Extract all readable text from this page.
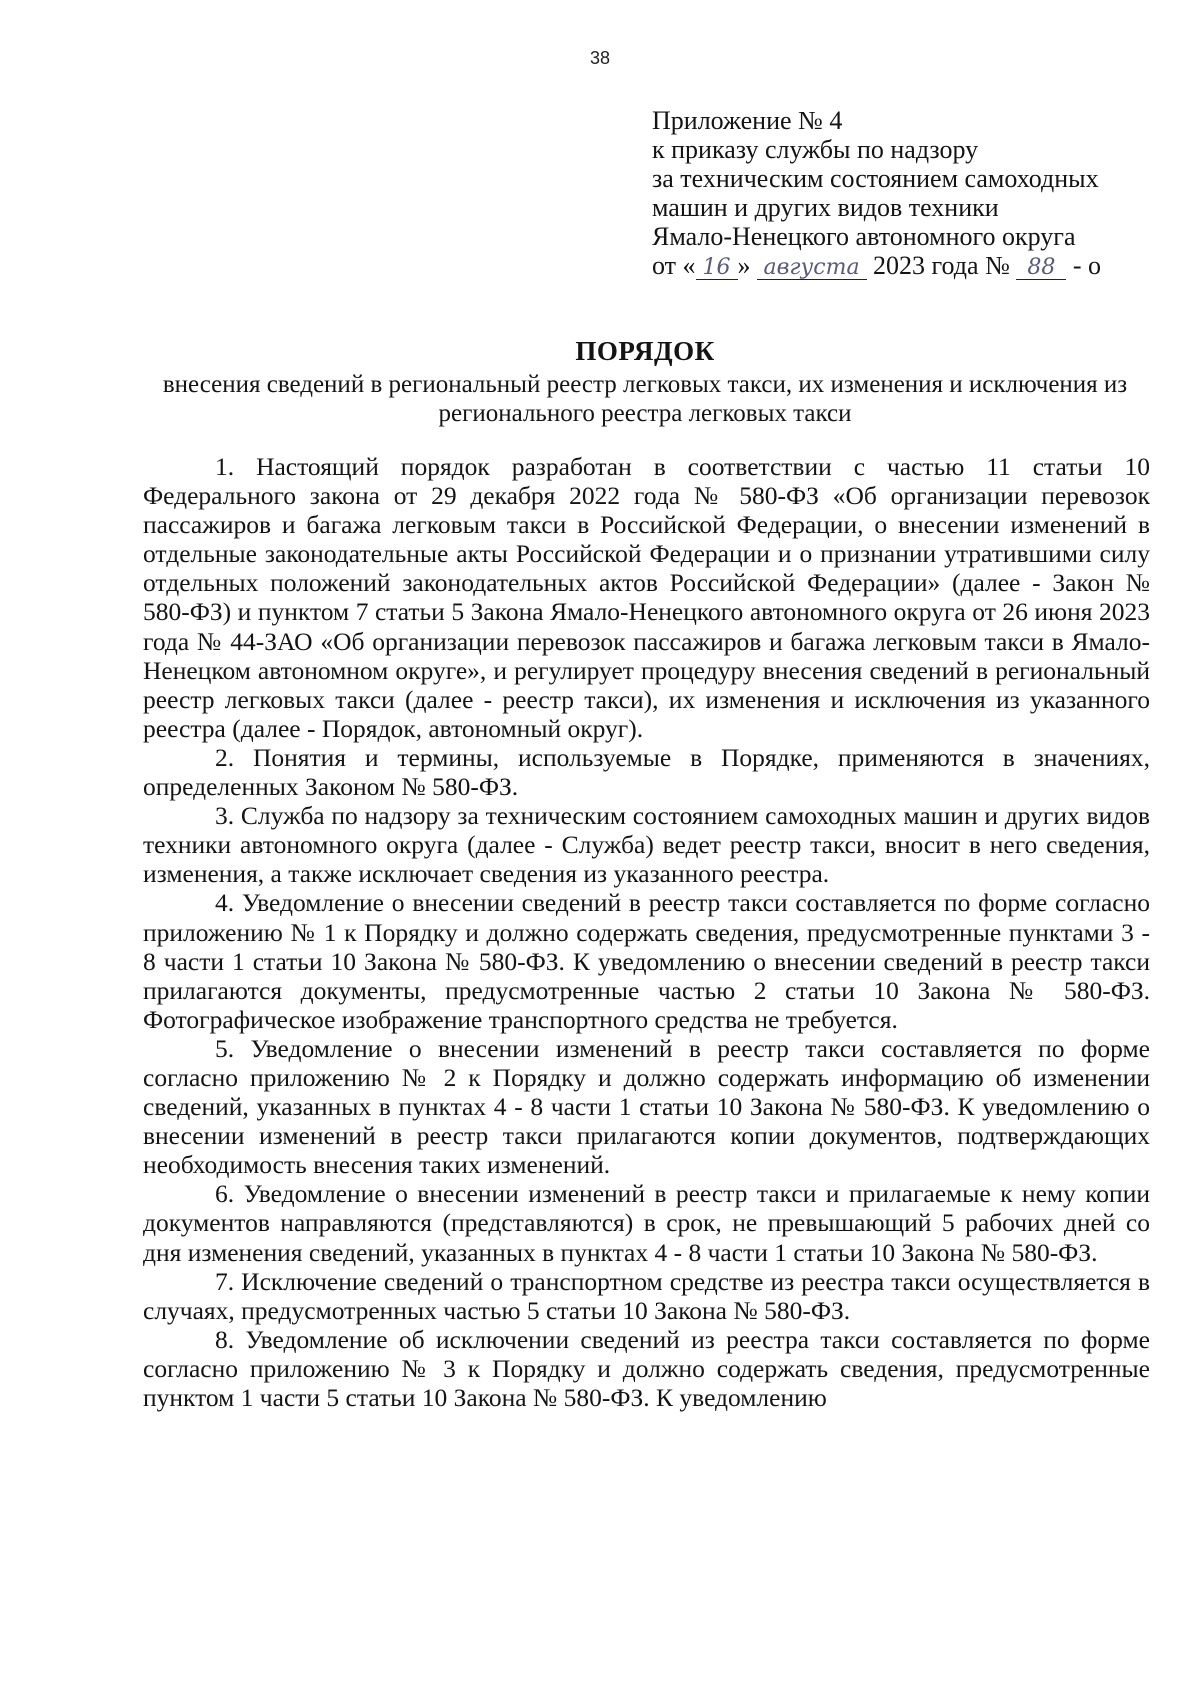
38
Приложение № 4
к приказу службы по надзору
за техническим состоянием самоходных
машин и других видов техники
Ямало-Ненецкого автономного округа
от « 16 » августа 2023 года № 88 - о
ПОРЯДОК
внесения сведений в региональный реестр легковых такси, их изменения и исключения из регионального реестра легковых такси

1. Настоящий порядок разработан в соответствии с частью 11 статьи 10 Федерального закона от 29 декабря 2022 года № 580-ФЗ «Об организации перевозок пассажиров и багажа легковым такси в Российской Федерации, о внесении изменений в отдельные законодательные акты Российской Федерации и о признании утратившими силу отдельных положений законодательных актов Российской Федерации» (далее - Закон № 580-ФЗ) и пунктом 7 статьи 5 Закона Ямало-Ненецкого автономного округа от 26 июня 2023 года № 44-ЗАО «Об организации перевозок пассажиров и багажа легковым такси в Ямало-Ненецком автономном округе», и регулирует процедуру внесения сведений в региональный реестр легковых такси (далее - реестр такси), их изменения и исключения из указанного реестра (далее - Порядок, автономный округ).

2. Понятия и термины, используемые в Порядке, применяются в значениях, определенных Законом № 580-ФЗ.

3. Служба по надзору за техническим состоянием самоходных машин и других видов техники автономного округа (далее - Служба) ведет реестр такси, вносит в него сведения, изменения, а также исключает сведения из указанного реестра.

4. Уведомление о внесении сведений в реестр такси составляется по форме согласно приложению № 1 к Порядку и должно содержать сведения, предусмотренные пунктами 3 - 8 части 1 статьи 10 Закона № 580-ФЗ. К уведомлению о внесении сведений в реестр такси прилагаются документы, предусмотренные частью 2 статьи 10 Закона № 580-ФЗ. Фотографическое изображение транспортного средства не требуется.

5. Уведомление о внесении изменений в реестр такси составляется по форме согласно приложению № 2 к Порядку и должно содержать информацию об изменении сведений, указанных в пунктах 4 - 8 части 1 статьи 10 Закона № 580-ФЗ. К уведомлению о внесении изменений в реестр такси прилагаются копии документов, подтверждающих необходимость внесения таких изменений.

6. Уведомление о внесении изменений в реестр такси и прилагаемые к нему копии документов направляются (представляются) в срок, не превышающий 5 рабочих дней со дня изменения сведений, указанных в пунктах 4 - 8 части 1 статьи 10 Закона № 580-ФЗ.

7. Исключение сведений о транспортном средстве из реестра такси осуществляется в случаях, предусмотренных частью 5 статьи 10 Закона № 580-ФЗ.

8. Уведомление об исключении сведений из реестра такси составляется по форме согласно приложению № 3 к Порядку и должно содержать сведения, предусмотренные пунктом 1 части 5 статьи 10 Закона № 580-ФЗ. К уведомлению
